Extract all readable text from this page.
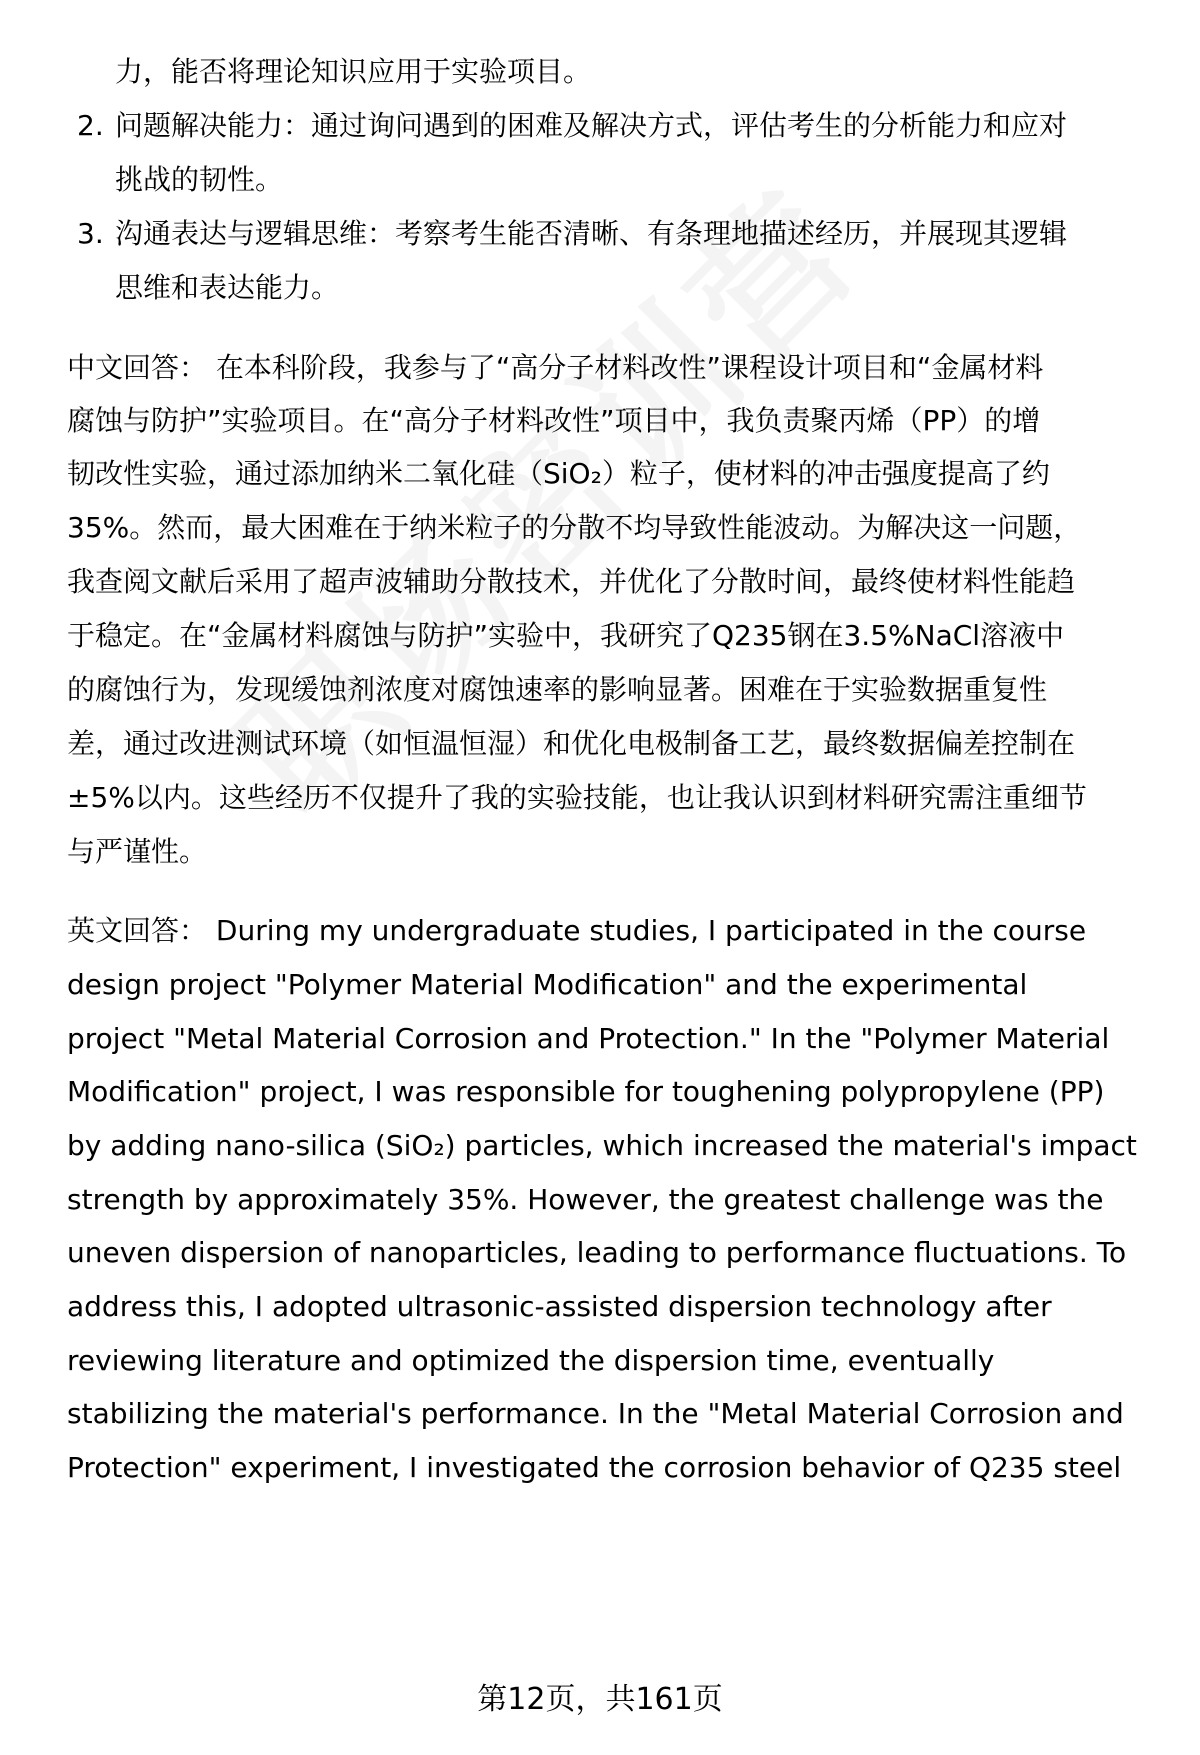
力，能否将理论知识应用于实验项目。
2. 问题解决能力：通过询问遇到的困难及解决方式，评估考生的分析能力和应对
挑战的韧性。
3. 沟通表达与逻辑思维：考察考生能否清晰、有条理地描述经历，并展现其逻辑
思维和表达能力。
中文回答： 在本科阶段，我参与了“高分子材料改性”课程设计项目和“金属材料
腐蚀与防护”实验项目。在“高分子材料改性”项目中，我负责聚丙烯（PP）的增
韧改性实验，通过添加纳米二氧化硅（SiO₂）粒子，使材料的冲击强度提高了约
35%。然而，最大困难在于纳米粒子的分散不均导致性能波动。为解决这一问题，
我查阅文献后采用了超声波辅助分散技术，并优化了分散时间，最终使材料性能趋
于稳定。在“金属材料腐蚀与防护”实验中，我研究了Q235钢在3.5%NaCl溶液中
的腐蚀行为，发现缓蚀剂浓度对腐蚀速率的影响显著。困难在于实验数据重复性
差，通过改进测试环境（如恒温恒湿）和优化电极制备工艺，最终数据偏差控制在
±5%以内。这些经历不仅提升了我的实验技能，也让我认识到材料研究需注重细节
与严谨性。
英文回答： During my undergraduate studies, I participated in the course
design project "Polymer Material Modification" and the experimental
project "Metal Material Corrosion and Protection." In the "Polymer Material
Modification" project, I was responsible for toughening polypropylene (PP)
by adding nano-silica (SiO₂) particles, which increased the material's impact
strength by approximately 35%. However, the greatest challenge was the
uneven dispersion of nanoparticles, leading to performance fluctuations. To
address this, I adopted ultrasonic-assisted dispersion technology after
reviewing literature and optimized the dispersion time, eventually
stabilizing the material's performance. In the "Metal Material Corrosion and
Protection" experiment, I investigated the corrosion behavior of Q235 steel
第12页，共161页
